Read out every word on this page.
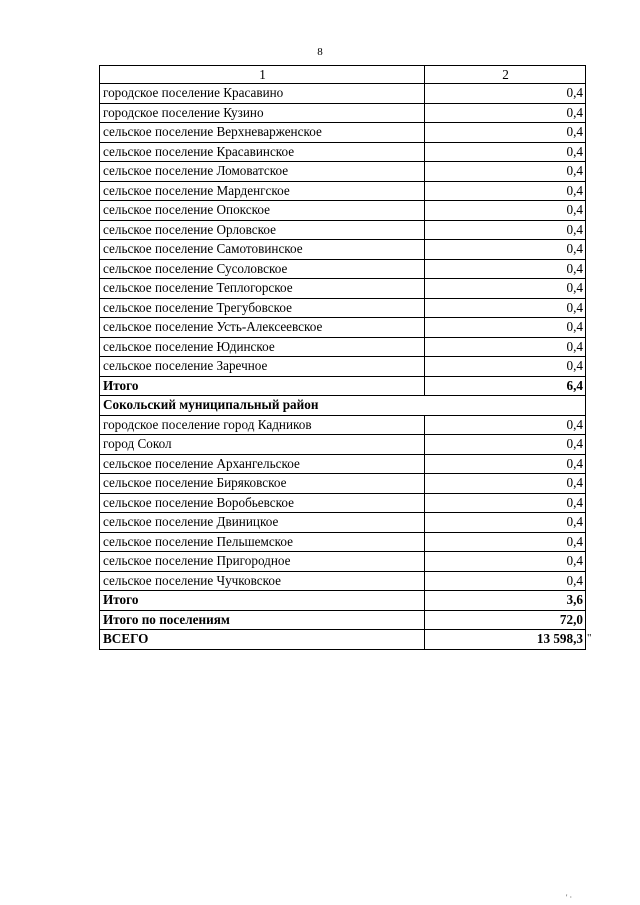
8
1	2
городское поселение Красавино	0,4
городское поселение Кузино	0,4
сельское поселение Верхневарженское	0,4
сельское поселение Красавинское	0,4
сельское поселение Ломоватское	0,4
сельское поселение Марденгское	0,4
сельское поселение Опокское	0,4
сельское поселение Орловское	0,4
сельское поселение Самотовинское	0,4
сельское поселение Сусоловское	0,4
сельское поселение Теплогорское	0,4
сельское поселение Трегубовское	0,4
сельское поселение Усть-Алексеевское	0,4
сельское поселение Юдинское	0,4
сельское поселение Заречное	0,4
Итого	6,4
Сокольский муниципальный район	
городское поселение город Кадников	0,4
город Сокол	0,4
сельское поселение Архангельское	0,4
сельское поселение Биряковское	0,4
сельское поселение Воробьевское	0,4
сельское поселение Двиницкое	0,4
сельское поселение Пельшемское	0,4
сельское поселение Пригородное	0,4
сельское поселение Чучковское	0,4
Итого	3,6
Итого по поселениям	72,0
ВСЕГО	13 598,3 "
' ·
